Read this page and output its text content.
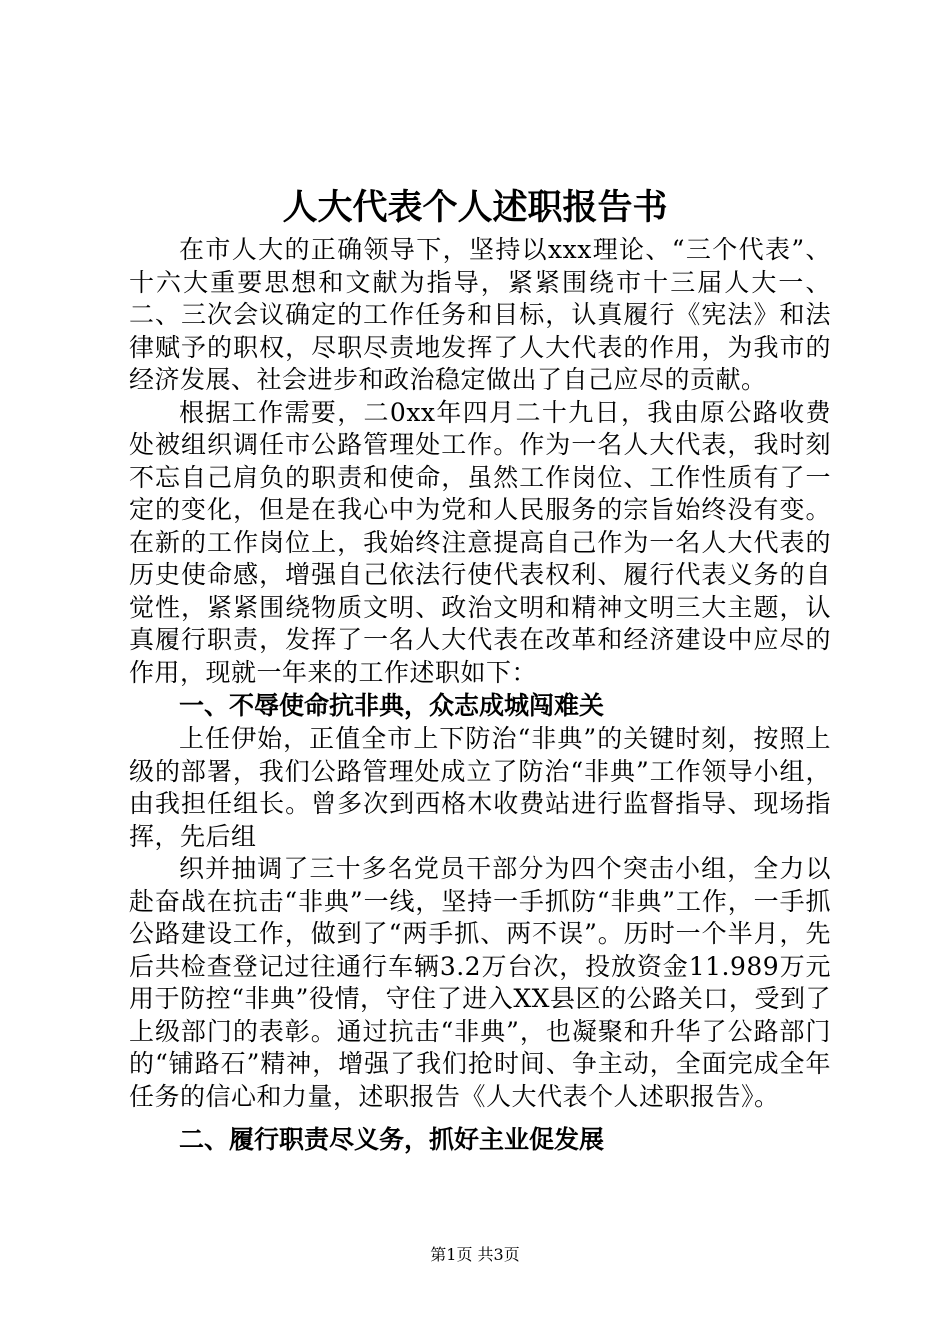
人大代表个人述职报告书

在市人大的正确领导下，坚持以xxx理论、“三个代表”、十六大重要思想和文献为指导，紧紧围绕市十三届人大一、二、三次会议确定的工作任务和目标，认真履行《宪法》和法律赋予的职权，尽职尽责地发挥了人大代表的作用，为我市的经济发展、社会进步和政治稳定做出了自己应尽的贡献。

根据工作需要，二0xx年四月二十九日，我由原公路收费处被组织调任市公路管理处工作。作为一名人大代表，我时刻不忘自己肩负的职责和使命，虽然工作岗位、工作性质有了一定的变化，但是在我心中为党和人民服务的宗旨始终没有变。在新的工作岗位上，我始终注意提高自己作为一名人大代表的历史使命感，增强自己依法行使代表权利、履行代表义务的自觉性，紧紧围绕物质文明、政治文明和精神文明三大主题，认真履行职责，发挥了一名人大代表在改革和经济建设中应尽的作用，现就一年来的工作述职如下：

一、不辱使命抗非典，众志成城闯难关

上任伊始，正值全市上下防治“非典”的关键时刻，按照上级的部署，我们公路管理处成立了防治“非典”工作领导小组，由我担任组长。曾多次到西格木收费站进行监督指导、现场指挥，先后组

织并抽调了三十多名党员干部分为四个突击小组，全力以赴奋战在抗击“非典”一线，坚持一手抓防“非典”工作，一手抓公路建设工作，做到了“两手抓、两不误”。历时一个半月，先后共检查登记过往通行车辆3.2万台次，投放资金11.989万元用于防控“非典”役情，守住了进入XX县区的公路关口，受到了上级部门的表彰。通过抗击“非典”，也凝聚和升华了公路部门的“铺路石”精神，增强了我们抢时间、争主动，全面完成全年任务的信心和力量，述职报告《人大代表个人述职报告》。

二、履行职责尽义务，抓好主业促发展

第1页 共3页
